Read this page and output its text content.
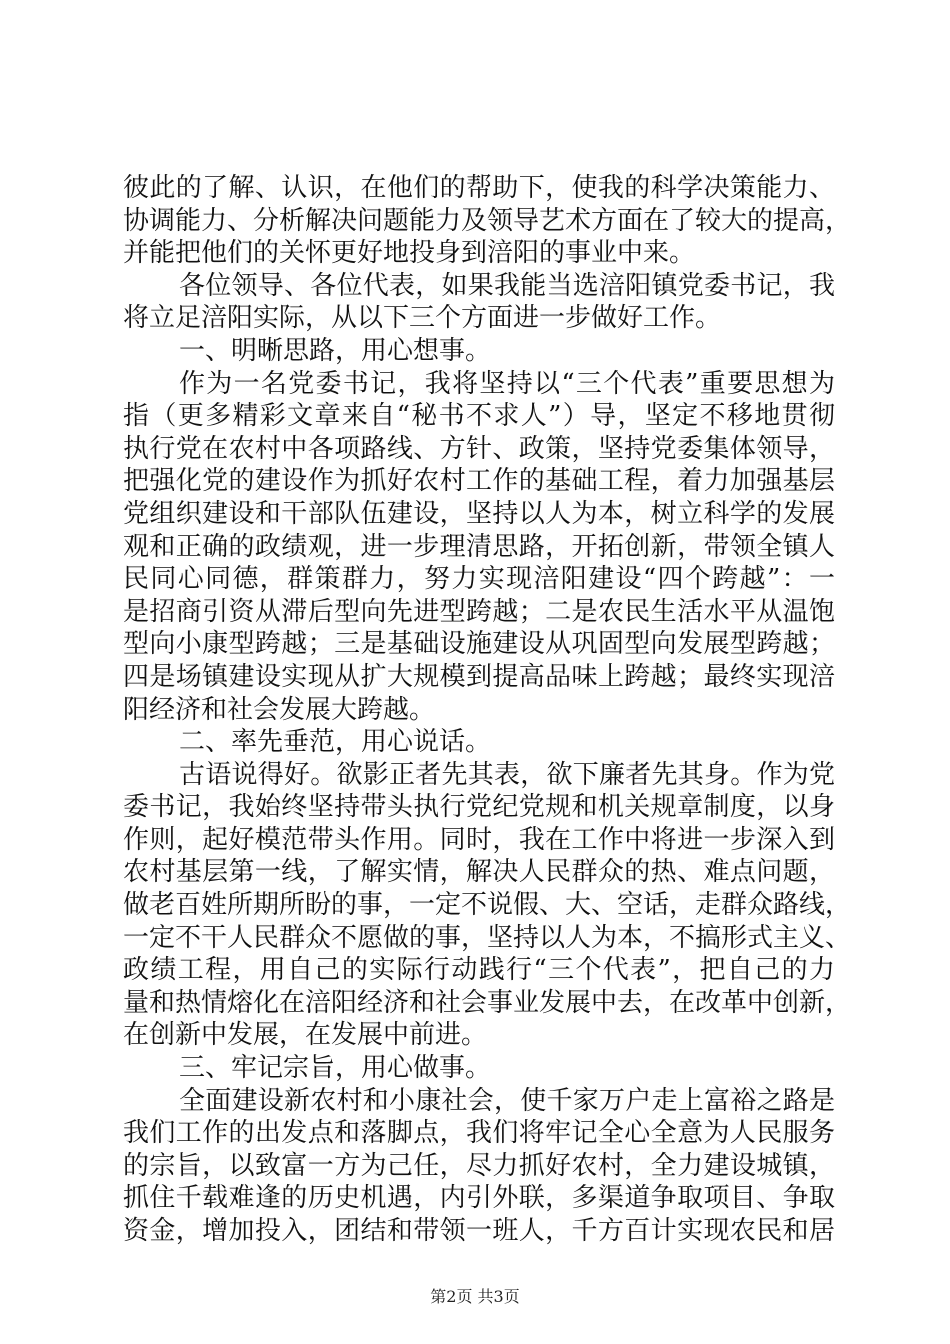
彼此的了解、认识，在他们的帮助下，使我的科学决策能力、
协调能力、分析解决问题能力及领导艺术方面在了较大的提高，
并能把他们的关怀更好地投身到涪阳的事业中来。
各位领导、各位代表，如果我能当选涪阳镇党委书记，我
将立足涪阳实际，从以下三个方面进一步做好工作。
一、明晰思路，用心想事。
作为一名党委书记，我将坚持以“三个代表”重要思想为
指（更多精彩文章来自“秘书不求人”）导，坚定不移地贯彻
执行党在农村中各项路线、方针、政策，坚持党委集体领导，
把强化党的建设作为抓好农村工作的基础工程，着力加强基层
党组织建设和干部队伍建设，坚持以人为本，树立科学的发展
观和正确的政绩观，进一步理清思路，开拓创新，带领全镇人
民同心同德，群策群力，努力实现涪阳建设“四个跨越”：一
是招商引资从滞后型向先进型跨越；二是农民生活水平从温饱
型向小康型跨越；三是基础设施建设从巩固型向发展型跨越；
四是场镇建设实现从扩大规模到提高品味上跨越；最终实现涪
阳经济和社会发展大跨越。
二、率先垂范，用心说话。
古语说得好。欲影正者先其表，欲下廉者先其身。作为党
委书记，我始终坚持带头执行党纪党规和机关规章制度，以身
作则，起好模范带头作用。同时，我在工作中将进一步深入到
农村基层第一线，了解实情，解决人民群众的热、难点问题，
做老百姓所期所盼的事，一定不说假、大、空话，走群众路线，
一定不干人民群众不愿做的事，坚持以人为本，不搞形式主义、
政绩工程，用自己的实际行动践行“三个代表”，把自己的力
量和热情熔化在涪阳经济和社会事业发展中去，在改革中创新，
在创新中发展，在发展中前进。
三、牢记宗旨，用心做事。
全面建设新农村和小康社会，使千家万户走上富裕之路是
我们工作的出发点和落脚点，我们将牢记全心全意为人民服务
的宗旨，以致富一方为己任，尽力抓好农村，全力建设城镇，
抓住千载难逢的历史机遇，内引外联，多渠道争取项目、争取
资金，增加投入，团结和带领一班人，千方百计实现农民和居
第2页 共3页
